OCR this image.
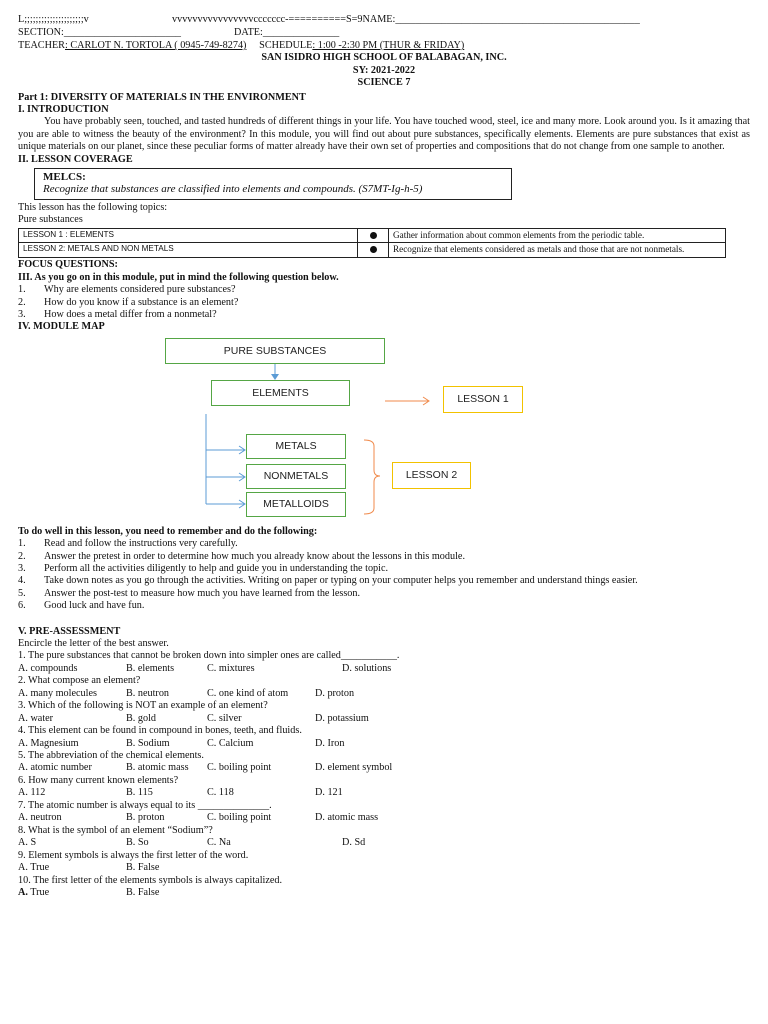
L;;;;;;;;;;;;;;;;;;;;;v	vvvvvvvvvvvvvvvvccccccc-==========S=9NAME:________________________________________________
SECTION:_______________________	DATE:_______________
TEACHER: CARLOT N. TORTOLA ( 0945-749-8274) SCHEDULE: 1:00 -2:30 PM (THUR & FRIDAY)
SAN ISIDRO HIGH SCHOOL OF BALABAGAN, INC.
SY: 2021-2022
SCIENCE 7
Part 1: DIVERSITY OF MATERIALS IN THE ENVIRONMENT
I. INTRODUCTION
You have probably seen, touched, and tasted hundreds of different things in your life. You have touched wood, steel, ice and many more. Look around you. Is it amazing that you are able to witness the beauty of the environment? In this module, you will find out about pure substances, specifically elements. Elements are pure substances that exist as unique materials on our planet, since these peculiar forms of matter already have their own set of properties and compositions that do not change from one sample to another.
II. LESSON COVERAGE
MELCS:
Recognize that substances are classified into elements and compounds. (S7MT-Ig-h-5)
This lesson has the following topics:
Pure substances
LESSON 1 : ELEMENTS		Gather information about common elements from the periodic table.
LESSON 2: METALS AND NON METALS		Recognize that elements considered as metals and those that are not nonmetals.
FOCUS QUESTIONS:
III. As you go on in this module, put in mind the following question below.
1. Why are elements considered pure substances?
2. How do you know if a substance is an element?
3. How does a metal differ from a nonmetal?
IV. MODULE MAP
PURE SUBSTANCES
ELEMENTS
LESSON 1
METALS
NONMETALS
METALLOIDS
LESSON 2
To do well in this lesson, you need to remember and do the following:
1. Read and follow the instructions very carefully.
2. Answer the pretest in order to determine how much you already know about the lessons in this module.
3. Perform all the activities diligently to help and guide you in understanding the topic.
4. Take down notes as you go through the activities. Writing on paper or typing on your computer helps you remember and understand things easier.
5. Answer the post-test to measure how much you have learned from the lesson.
6. Good luck and have fun.
V. PRE-ASSESSMENT
Encircle the letter of the best answer.
1. The pure substances that cannot be broken down into simpler ones are called___________.
A. compounds	B. elements	C. mixtures	D. solutions
2. What compose an element?
A. many molecules	B. neutron	C. one kind of atom	D. proton
3. Which of the following is NOT an example of an element?
A. water	B. gold	C. silver	D. potassium
4. This element can be found in compound in bones, teeth, and fluids.
A. Magnesium	B. Sodium	C. Calcium	D. Iron
5. The abbreviation of the chemical elements.
A. atomic number	B. atomic mass C. boiling point	D. element symbol
6. How many current known elements?
A. 112	B. 115	C. 118	D. 121
7. The atomic number is always equal to its ______________.
A. neutron	B. proton	C. boiling point	D. atomic mass
8. What is the symbol of an element “Sodium”?
A. S	B. So	C. Na	D. Sd
9. Element symbols is always the first letter of the word.
A. True	B. False
10. The first letter of the elements symbols is always capitalized.
A. True	B. False
